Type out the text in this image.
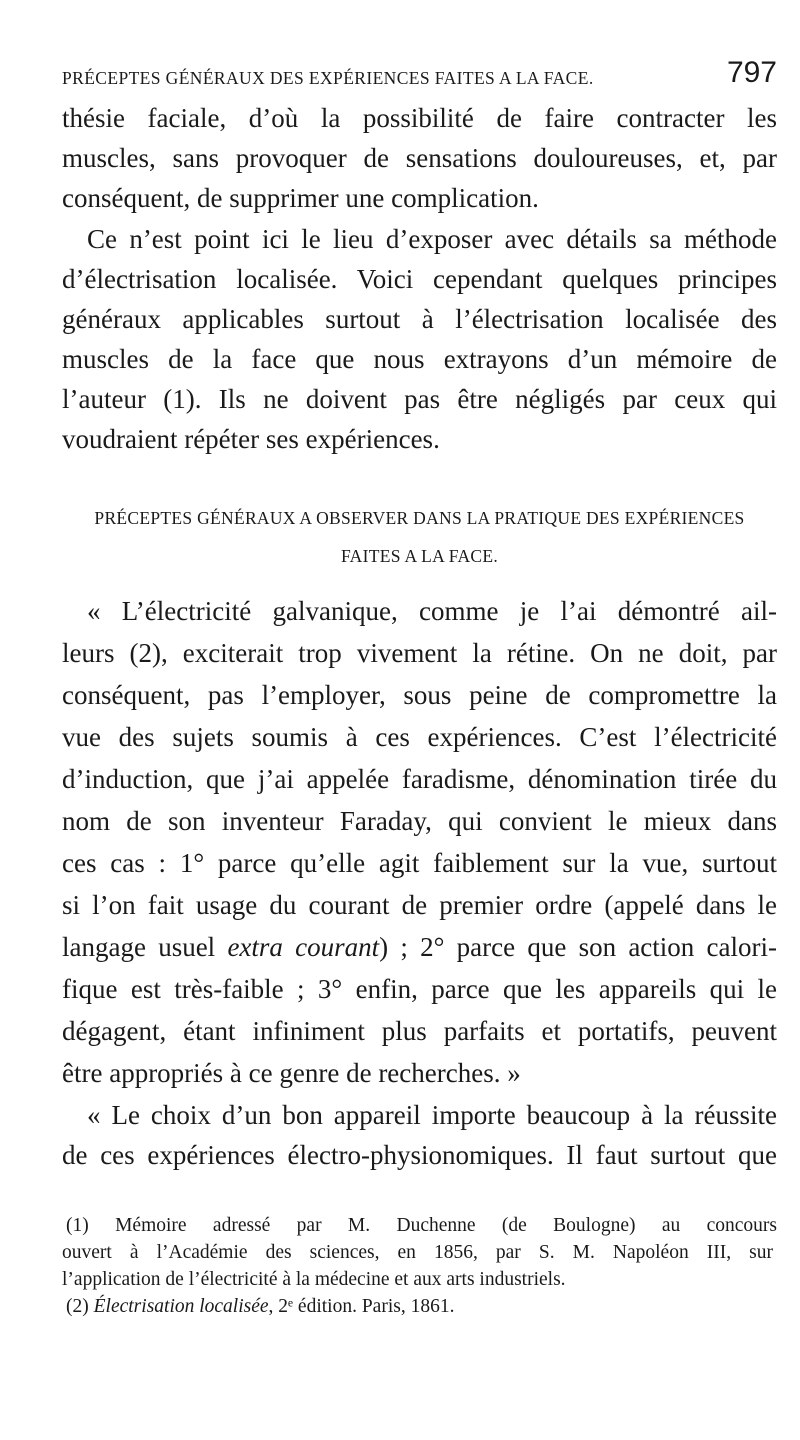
PRÉCEPTES GÉNÉRAUX DES EXPÉRIENCES FAITES A LA FACE.	797
thésie faciale, d’où la possibilité de faire contracter les
muscles, sans provoquer de sensations douloureuses, et, par
conséquent, de supprimer une complication.
Ce n’est point ici le lieu d’exposer avec détails sa méthode
d’électrisation localisée. Voici cependant quelques principes
généraux applicables surtout à l’électrisation localisée des
muscles de la face que nous extrayons d’un mémoire de
l’auteur (1). Ils ne doivent pas être négligés par ceux qui
voudraient répéter ses expériences.
PRÉCEPTES GÉNÉRAUX A OBSERVER DANS LA PRATIQUE DES EXPÉRIENCES
FAITES A LA FACE.
« L’électricité galvanique, comme je l’ai démontré ail-
leurs (2), exciterait trop vivement la rétine. On ne doit, par
conséquent, pas l’employer, sous peine de compromettre la
vue des sujets soumis à ces expériences. C’est l’électricité
d’induction, que j’ai appelée faradisme, dénomination tirée du
nom de son inventeur Faraday, qui convient le mieux dans
ces cas : 1° parce qu’elle agit faiblement sur la vue, surtout
si l’on fait usage du courant de premier ordre (appelé dans le
langage usuel extra courant) ; 2° parce que son action calori-
fique est très-faible ; 3° enfin, parce que les appareils qui le
dégagent, étant infiniment plus parfaits et portatifs, peuvent
être appropriés à ce genre de recherches. »
« Le choix d’un bon appareil importe beaucoup à la réussite
de ces expériences électro-physionomiques. Il faut surtout que
(1) Mémoire adressé par M. Duchenne (de Boulogne) au concours
ouvert à l’Académie des sciences, en 1856, par S. M. Napoléon III, sur
l’application de l’électricité à la médecine et aux arts industriels.
(2) Électrisation localisée, 2ᵉ édition. Paris, 1861.
